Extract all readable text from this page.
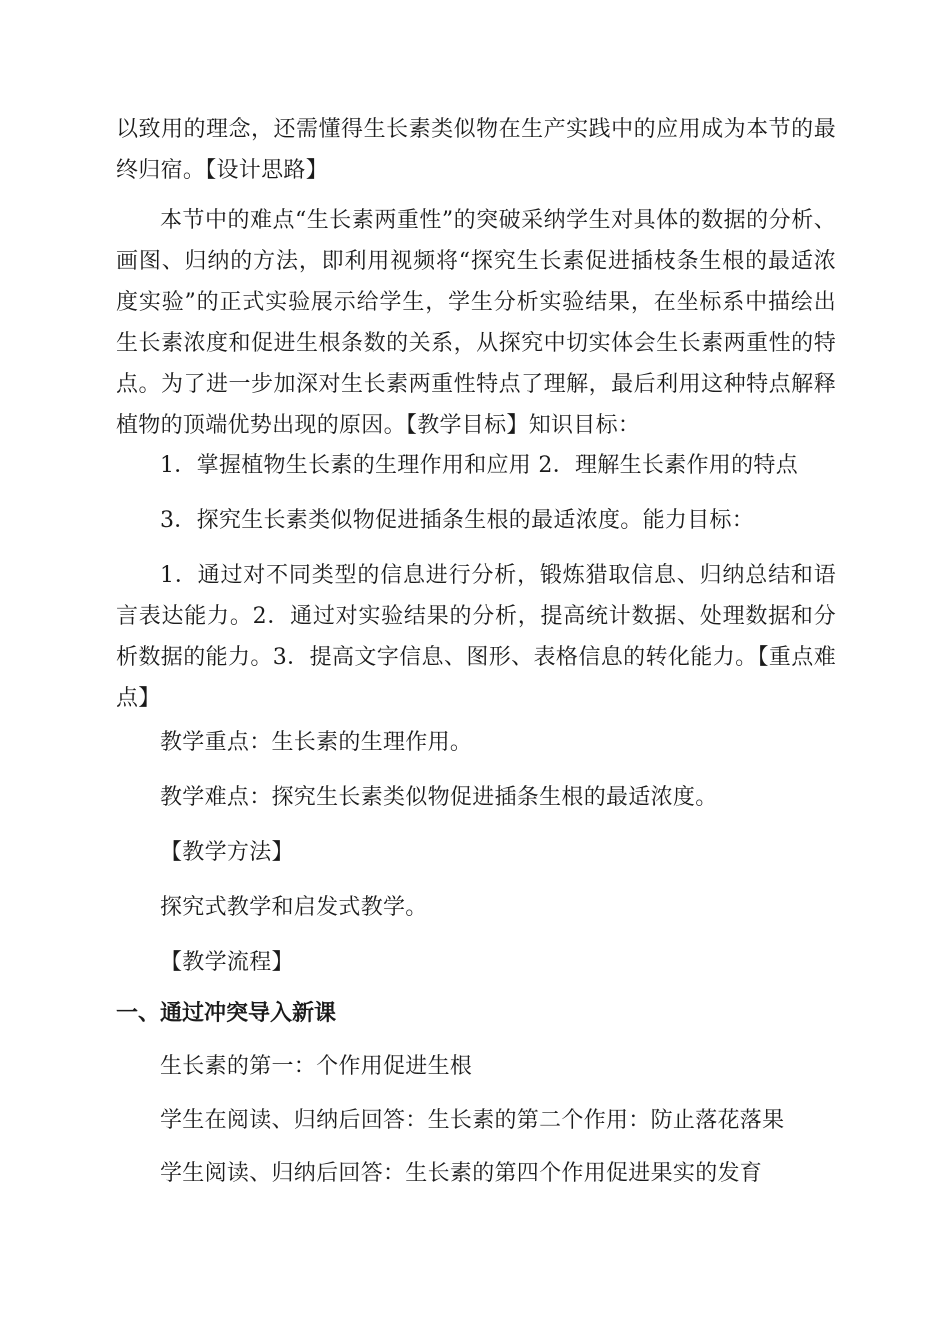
以致用的理念，还需懂得生长素类似物在生产实践中的应用成为本节的最终归宿。【设计思路】

本节中的难点“生长素两重性”的突破采纳学生对具体的数据的分析、画图、归纳的方法，即利用视频将“探究生长素促进插枝条生根的最适浓度实验”的正式实验展示给学生，学生分析实验结果，在坐标系中描绘出生长素浓度和促进生根条数的关系，从探究中切实体会生长素两重性的特点。为了进一步加深对生长素两重性特点了理解，最后利用这种特点解释植物的顶端优势出现的原因。【教学目标】知识目标：

1．掌握植物生长素的生理作用和应用 2．理解生长素作用的特点

3．探究生长素类似物促进插条生根的最适浓度。能力目标：

1．通过对不同类型的信息进行分析，锻炼猎取信息、归纳总结和语言表达能力。2．通过对实验结果的分析，提高统计数据、处理数据和分析数据的能力。3．提高文字信息、图形、表格信息的转化能力。【重点难点】

教学重点：生长素的生理作用。

教学难点：探究生长素类似物促进插条生根的最适浓度。

【教学方法】

探究式教学和启发式教学。

【教学流程】

一、通过冲突导入新课

生长素的第一：个作用促进生根

学生在阅读、归纳后回答：生长素的第二个作用：防止落花落果

学生阅读、归纳后回答：生长素的第四个作用促进果实的发育
